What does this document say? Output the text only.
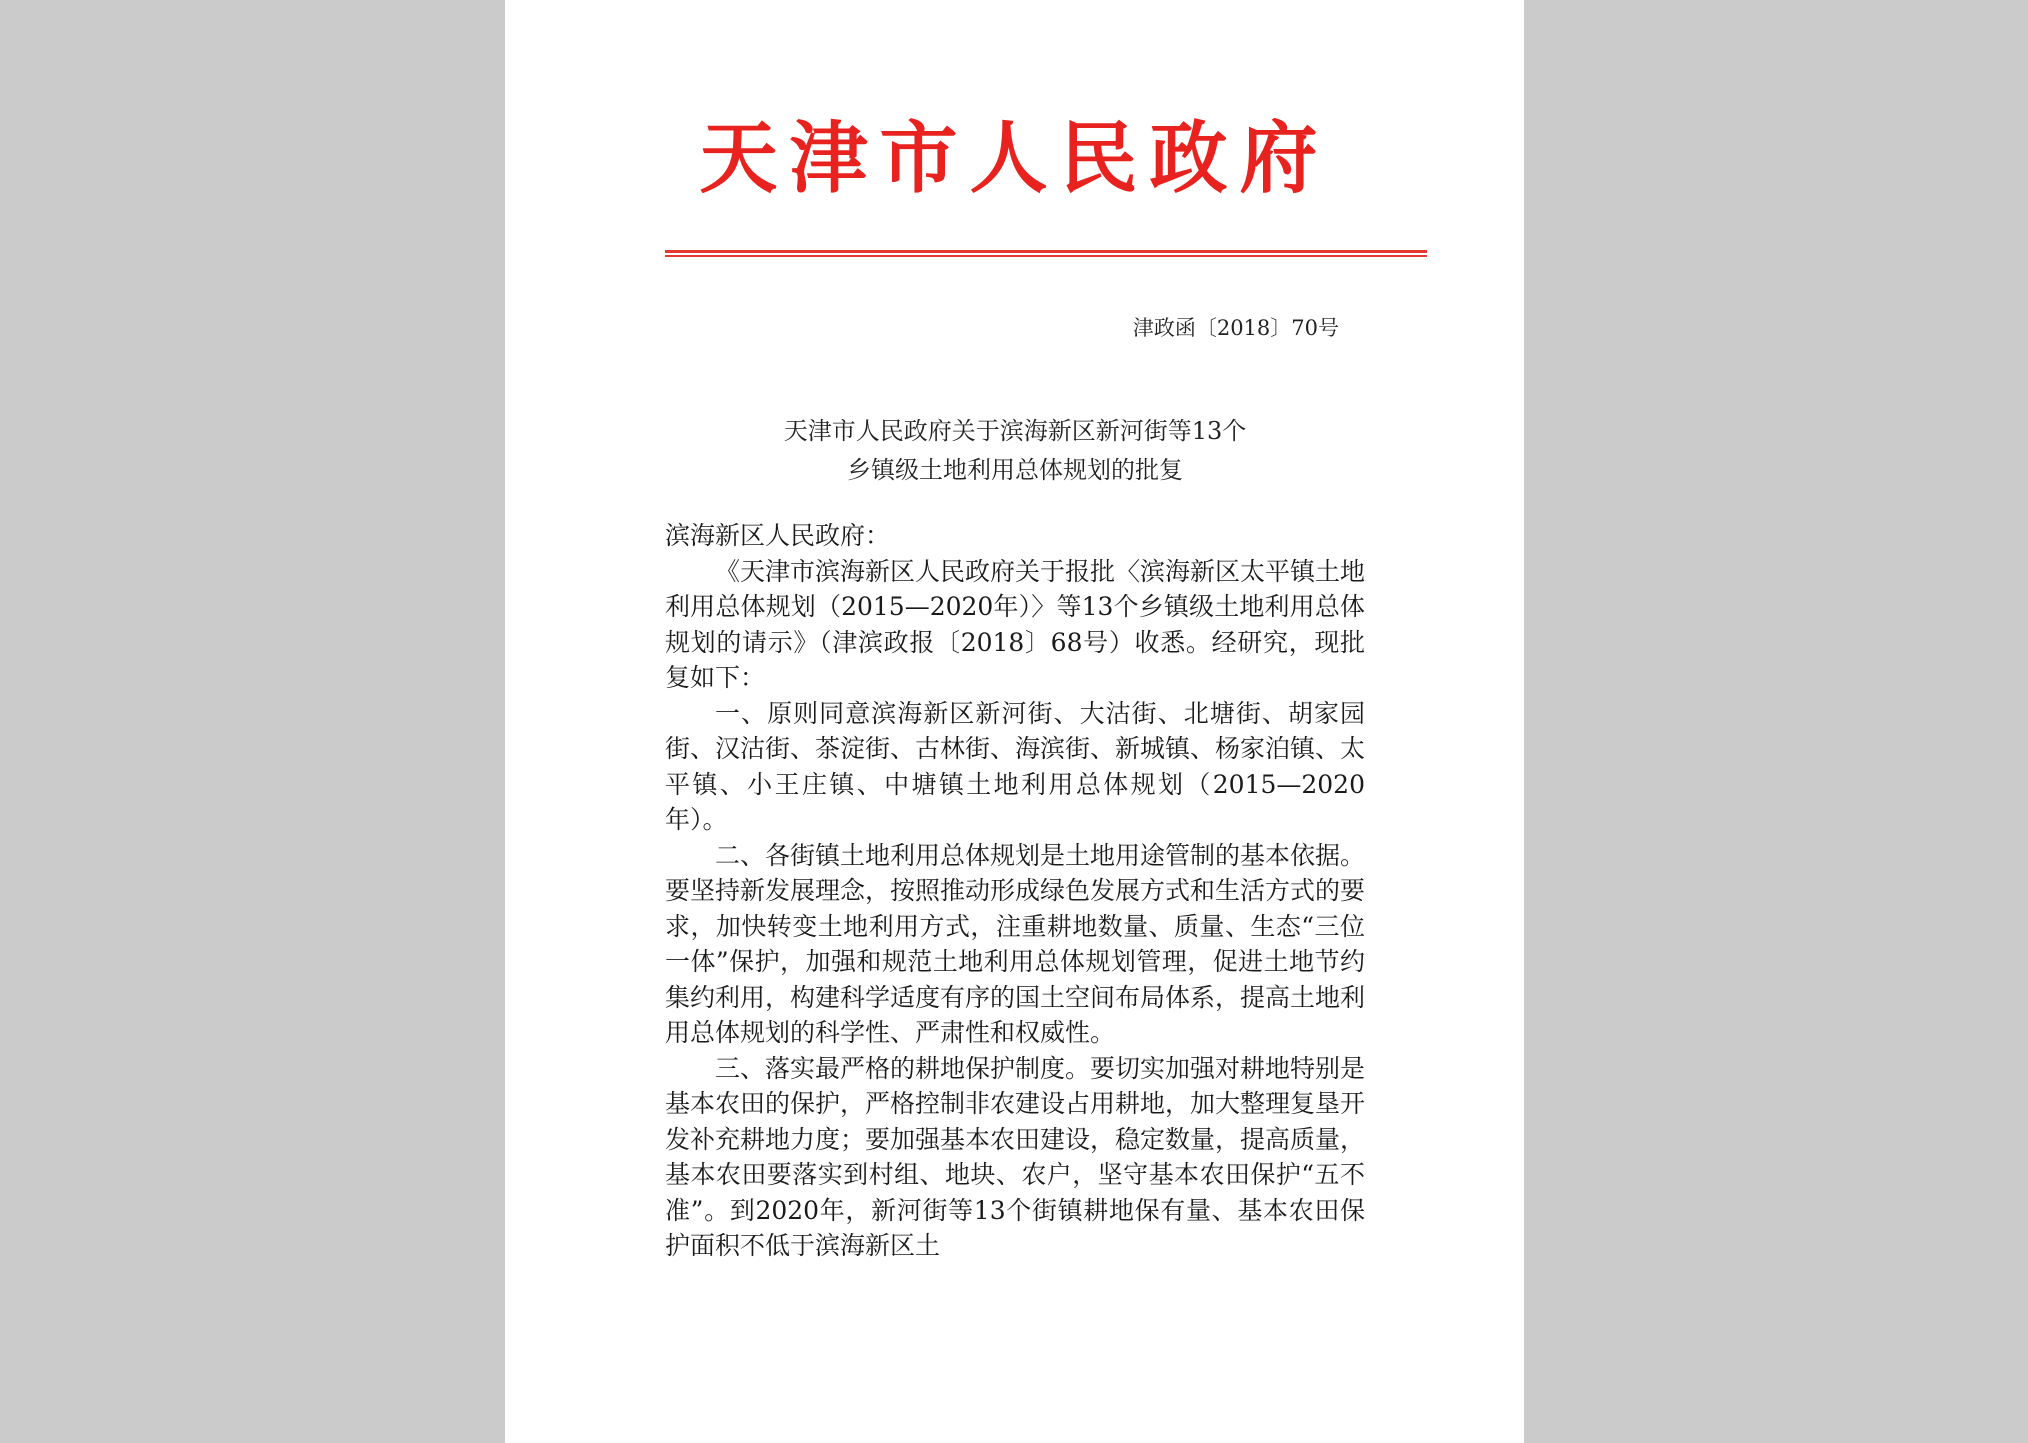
天津市人民政府
津政函〔2018〕70号
天津市人民政府关于滨海新区新河街等13个
乡镇级土地利用总体规划的批复

滨海新区人民政府：

《天津市滨海新区人民政府关于报批〈滨海新区太平镇土地利用总体规划（2015—2020年）〉等13个乡镇级土地利用总体规划的请示》（津滨政报〔2018〕68号）收悉。经研究，现批复如下：

一、原则同意滨海新区新河街、大沽街、北塘街、胡家园街、汉沽街、茶淀街、古林街、海滨街、新城镇、杨家泊镇、太平镇、小王庄镇、中塘镇土地利用总体规划（2015—2020年）。

二、各街镇土地利用总体规划是土地用途管制的基本依据。要坚持新发展理念，按照推动形成绿色发展方式和生活方式的要求，加快转变土地利用方式，注重耕地数量、质量、生态“三位一体”保护，加强和规范土地利用总体规划管理，促进土地节约集约利用，构建科学适度有序的国土空间布局体系，提高土地利用总体规划的科学性、严肃性和权威性。

三、落实最严格的耕地保护制度。要切实加强对耕地特别是基本农田的保护，严格控制非农建设占用耕地，加大整理复垦开发补充耕地力度；要加强基本农田建设，稳定数量，提高质量，基本农田要落实到村组、地块、农户，坚守基本农田保护“五不准”。到2020年，新河街等13个街镇耕地保有量、基本农田保护面积不低于滨海新区土
